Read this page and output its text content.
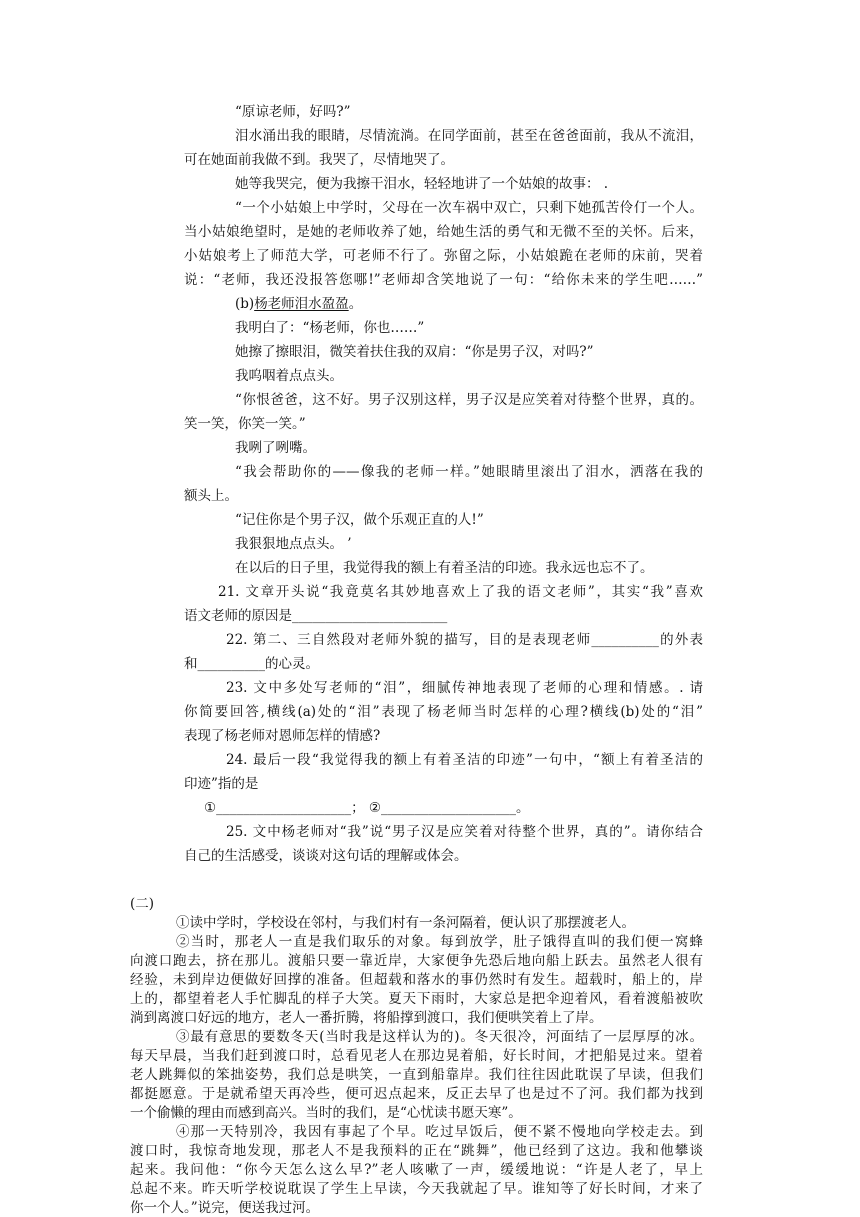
“原谅老师，好吗?”
泪水涌出我的眼睛，尽情流淌。在同学面前，甚至在爸爸面前，我从不流泪，
可在她面前我做不到。我哭了，尽情地哭了。
她等我哭完，便为我擦干泪水，轻轻地讲了一个姑娘的故事： .
“一个小姑娘上中学时，父母在一次车祸中双亡，只剩下她孤苦伶仃一个人。
当小姑娘绝望时，是她的老师收养了她，给她生活的勇气和无微不至的关怀。后来，
小姑娘考上了师范大学，可老师不行了。弥留之际，小姑娘跪在老师的床前，哭着
说：“老师，我还没报答您哪!”老师却含笑地说了一句：“给你未来的学生吧……”
(b)杨老师泪水盈盈。
我明白了：“杨老师，你也……”
她擦了擦眼泪，微笑着扶住我的双肩：“你是男子汉，对吗?”
我呜咽着点点头。
“你恨爸爸，这不好。男子汉别这样，男子汉是应笑着对待整个世界，真的。
笑一笑，你笑一笑。”
我咧了咧嘴。
“我会帮助你的——像我的老师一样。”她眼睛里滚出了泪水，洒落在我的
额头上。
“记住你是个男子汉，做个乐观正直的人!”
我狠狠地点点头。 ’
在以后的日子里，我觉得我的额上有着圣洁的印迹。我永远也忘不了。
21. 文章开头说“我竟莫名其妙地喜欢上了我的语文老师”，其实“我”喜欢
语文老师的原因是_______________________
22. 第二、三自然段对老师外貌的描写，目的是表现老师__________的外表
和__________的心灵。
23. 文中多处写老师的“泪”，细腻传神地表现了老师的心理和情感。. 请
你简要回答,横线(a)处的“泪”表现了杨老师当时怎样的心理?横线(b)处的“泪”
表现了杨老师对恩师怎样的情感?
24. 最后一段“我觉得我的额上有着圣洁的印迹”一句中，“额上有着圣洁的
印迹”指的是
①____________________； ②____________________。
25. 文中杨老师对“我”说“男子汉是应笑着对待整个世界，真的”。请你结合
自己的生活感受，谈谈对这句话的理解或体会。
(二)
①读中学时，学校设在邻村，与我们村有一条河隔着，便认识了那摆渡老人。
②当时，那老人一直是我们取乐的对象。每到放学，肚子饿得直叫的我们便一窝蜂
向渡口跑去，挤在那儿。渡船只要一靠近岸，大家便争先恐后地向船上跃去。虽然老人很有
经验，未到岸边便做好回撑的准备。但超载和落水的事仍然时有发生。超载时，船上的，岸
上的，都望着老人手忙脚乱的样子大笑。夏天下雨时，大家总是把伞迎着风，看着渡船被吹
淌到离渡口好远的地方，老人一番折腾，将船撑到渡口，我们便哄笑着上了岸。
③最有意思的要数冬天(当时我是这样认为的)。冬天很冷，河面结了一层厚厚的冰。
每天早晨，当我们赶到渡口时，总看见老人在那边晃着船，好长时间，才把船晃过来。望着
老人跳舞似的笨拙姿势，我们总是哄笑，一直到船靠岸。我们往往因此耽误了早读，但我们
都挺愿意。于是就希望天再冷些，便可迟点起来，反正去早了也是过不了河。我们都为找到
一个偷懒的理由而感到高兴。当时的我们，是“心忧读书愿天寒”。
④那一天特别冷，我因有事起了个早。吃过早饭后，便不紧不慢地向学校走去。到
渡口时，我惊奇地发现，那老人不是我预料的正在“跳舞”，他已经到了这边。我和他攀谈
起来。我问他：“你今天怎么这么早?”老人咳嗽了一声，缓缓地说：“许是人老了，早上
总起不来。昨天听学校说耽误了学生上早读，今天我就起了早。谁知等了好长时间，才来了
你一个人。”说完，便送我过河。
